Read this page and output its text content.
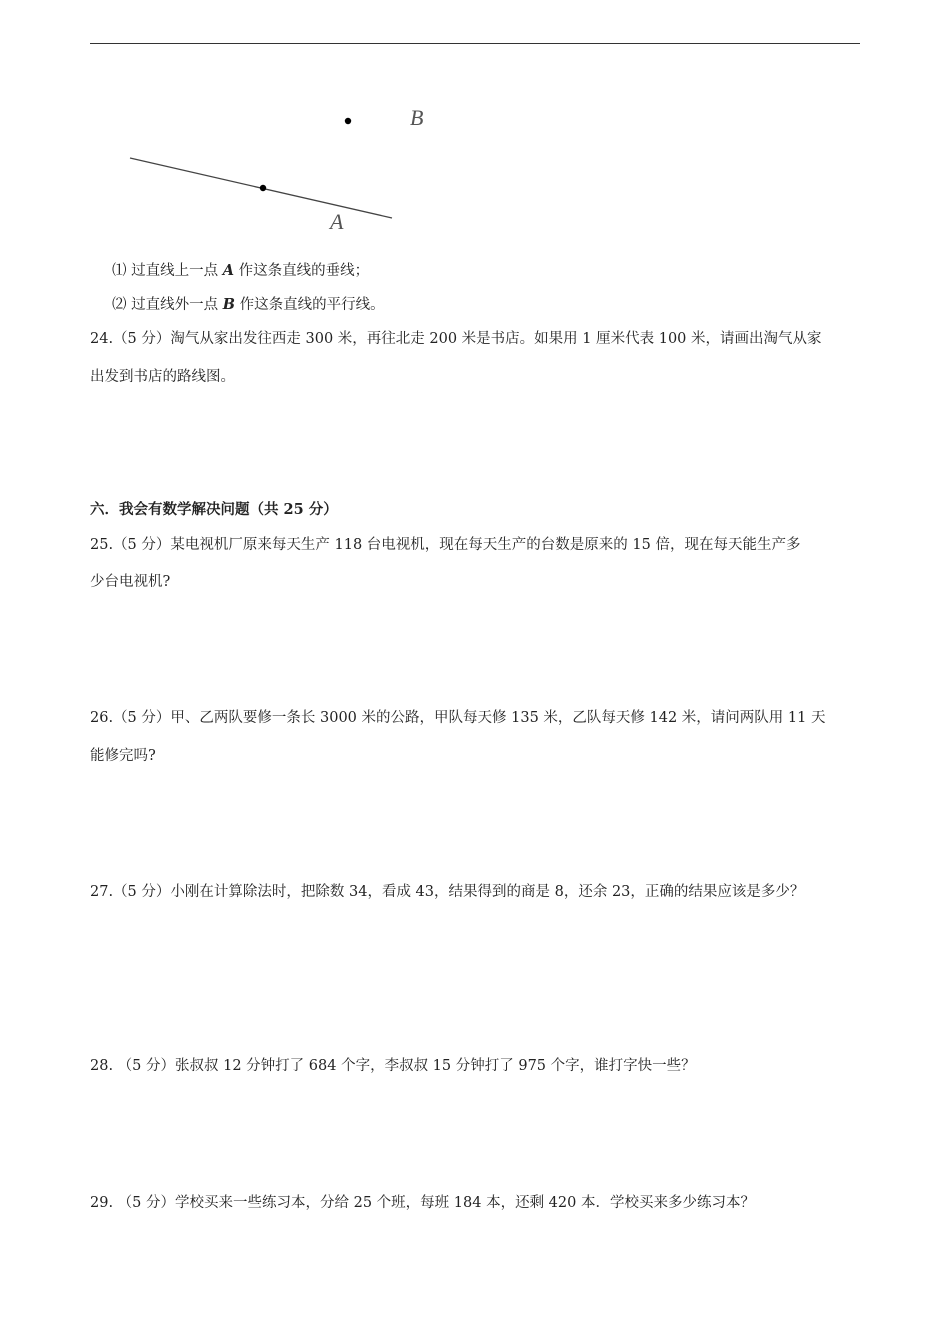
B
A
⑴ 过直线上一点 A 作这条直线的垂线；
⑵ 过直线外一点 B 作这条直线的平行线。
24.（5 分）淘气从家出发往西走 300 米，再往北走 200 米是书店。如果用 1 厘米代表 100 米，请画出淘气从家
出发到书店的路线图。
六．我会有数学解决问题（共 25 分）
25.（5 分）某电视机厂原来每天生产 118 台电视机，现在每天生产的台数是原来的 15 倍，现在每天能生产多
少台电视机?
26.（5 分）甲、乙两队要修一条长 3000 米的公路，甲队每天修 135 米，乙队每天修 142 米，请问两队用 11 天
能修完吗?
27.（5 分）小刚在计算除法时，把除数 34，看成 43，结果得到的商是 8，还余 23，正确的结果应该是多少？
28. （5 分）张叔叔 12 分钟打了 684 个字，李叔叔 15 分钟打了 975 个字，谁打字快一些？
29. （5 分）学校买来一些练习本，分给 25 个班，每班 184 本，还剩 420 本．学校买来多少练习本？
